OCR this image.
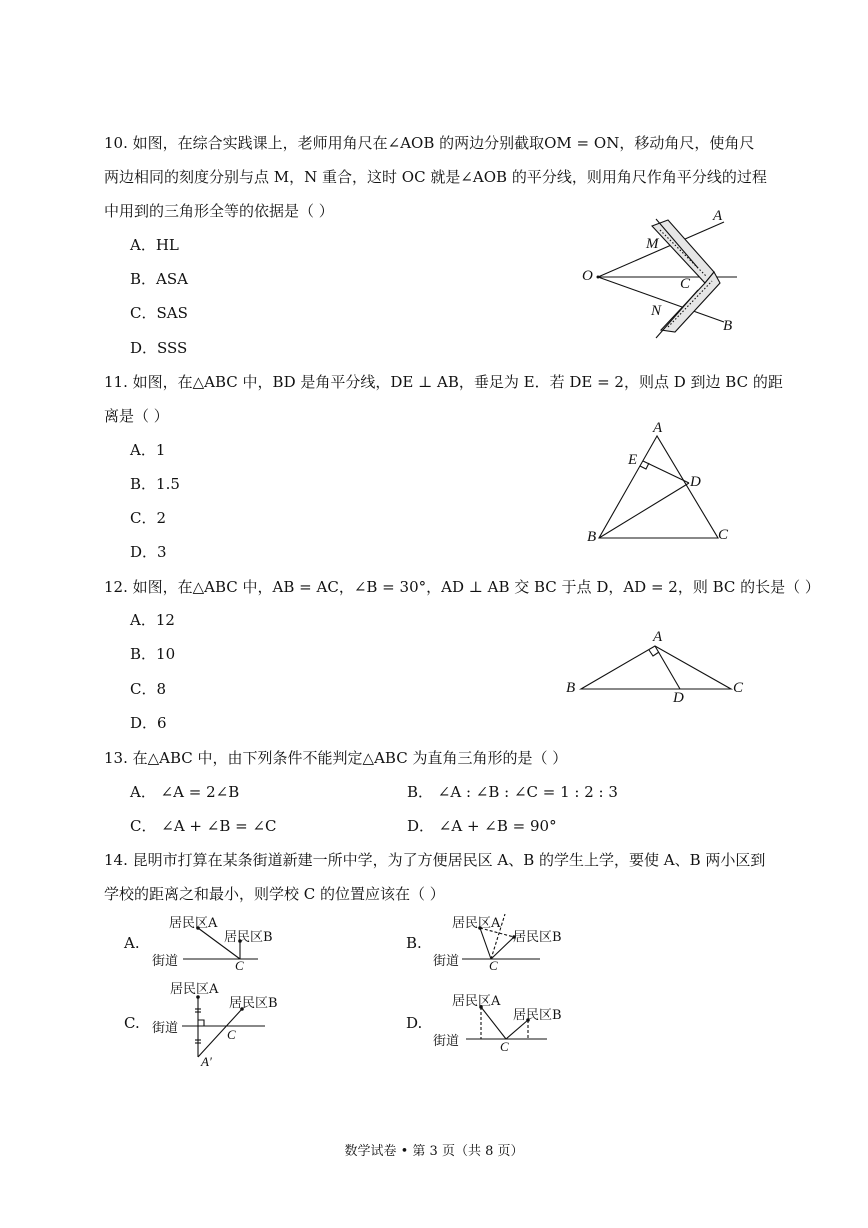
10. 如图，在综合实践课上，老师用角尺在∠AOB 的两边分别截取OM = ON，移动角尺，使角尺
两边相同的刻度分别与点 M，N 重合，这时 OC 就是∠AOB 的平分线，则用角尺作角平分线的过程
中用到的三角形全等的依据是（ ）
A．HL
B．ASA
C．SAS
D．SSS
A
M
O	C
N
B
11. 如图，在△ABC 中，BD 是角平分线，DE ⊥ AB，垂足为 E．若 DE = 2，则点 D 到边 BC 的距
离是（ ）
A．1
B．1.5
C．2
D．3
A
E
D
B	C
12. 如图，在△ABC 中，AB = AC，∠B = 30°，AD ⊥ AB 交 BC 于点 D，AD = 2，则 BC 的长是（ ）
A．12
B．10
C．8
D．6
A
B
D
C
13. 在△ABC 中，由下列条件不能判定△ABC 为直角三角形的是（ ）
A． ∠A = 2∠B	B． ∠A : ∠B : ∠C = 1 : 2 : 3
C． ∠A + ∠B = ∠C	D． ∠A + ∠B = 90°
14. 昆明市打算在某条街道新建一所中学，为了方便居民区 A、B 的学生上学，要使 A、B 两小区到
学校的距离之和最小，则学校 C 的位置应该在（ ）
A.	B.
C.	D.
居民区A
居民区B
街道	C
居民区A
居民区B
街道 C
居民区A
居民区B
街道	C
A′
居民区A
居民区B
街道	C
数学试卷 • 第 3 页（共 8 页）
